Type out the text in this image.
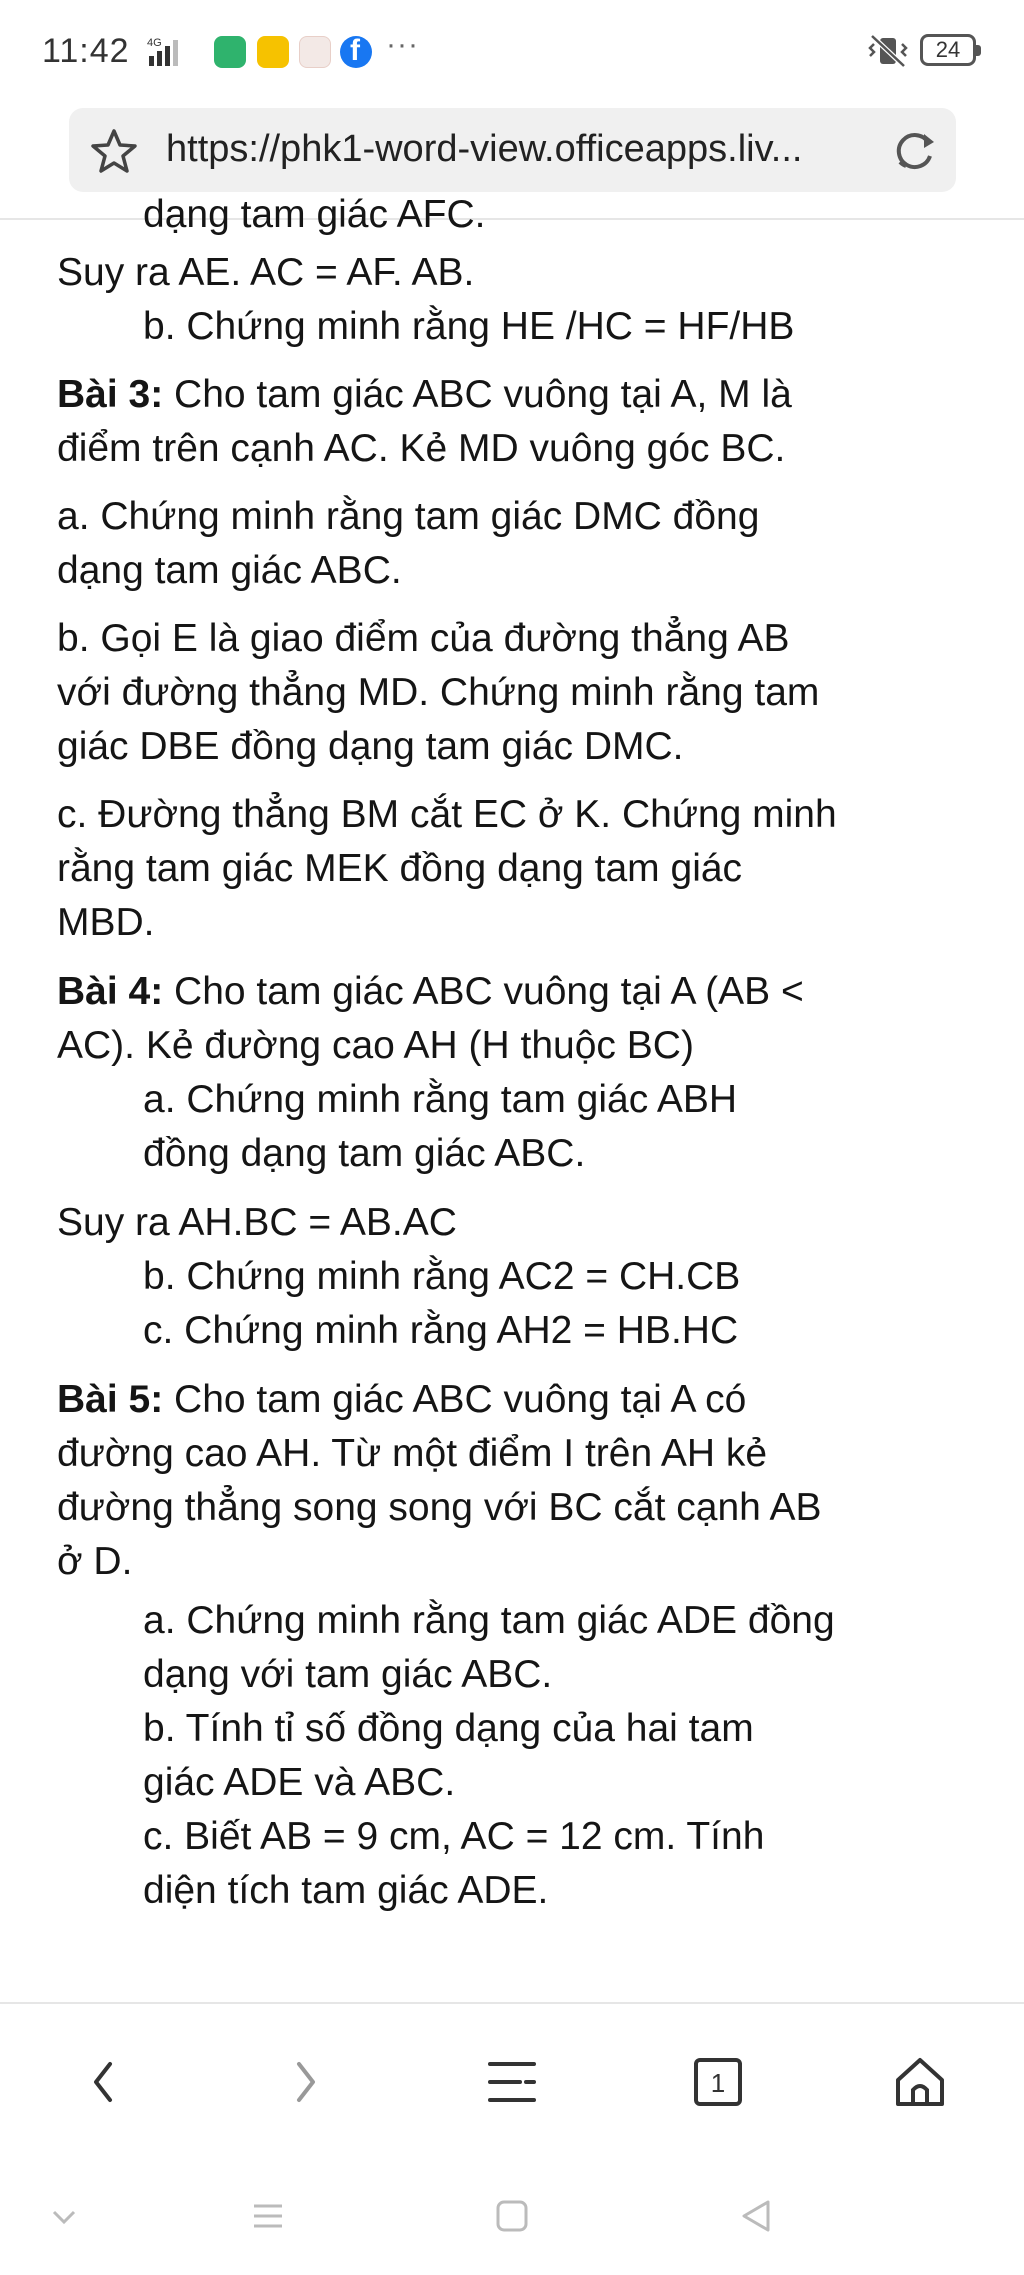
11:42 4G	f ···	24
https://phk1-word-view.officeapps.liv...
dạng tam giác AFC.

Suy ra AE. AC = AF. AB.

b. Chứng minh rằng HE /HC = HF/HB

Bài 3: Cho tam giác ABC vuông tại A, M là

điểm trên cạnh AC. Kẻ MD vuông góc BC.

a. Chứng minh rằng tam giác DMC đồng

dạng tam giác ABC.

b. Gọi E là giao điểm của đường thẳng AB

với đường thẳng MD. Chứng minh rằng tam

giác DBE đồng dạng tam giác DMC.

c. Đường thẳng BM cắt EC ở K. Chứng minh

rằng tam giác MEK đồng dạng tam giác

MBD.

Bài 4: Cho tam giác ABC vuông tại A (AB <

AC). Kẻ đường cao AH (H thuộc BC)

a. Chứng minh rằng tam giác ABH

đồng dạng tam giác ABC.

Suy ra AH.BC = AB.AC

b. Chứng minh rằng AC2 = CH.CB

c. Chứng minh rằng AH2 = HB.HC

Bài 5: Cho tam giác ABC vuông tại A có

đường cao AH. Từ một điểm I trên AH kẻ

đường thẳng song song với BC cắt cạnh AB

ở D.

a. Chứng minh rằng tam giác ADE đồng

dạng với tam giác ABC.

b. Tính tỉ số đồng dạng của hai tam

giác ADE và ABC.

c. Biết AB = 9 cm, AC = 12 cm. Tính

diện tích tam giác ADE.

1
